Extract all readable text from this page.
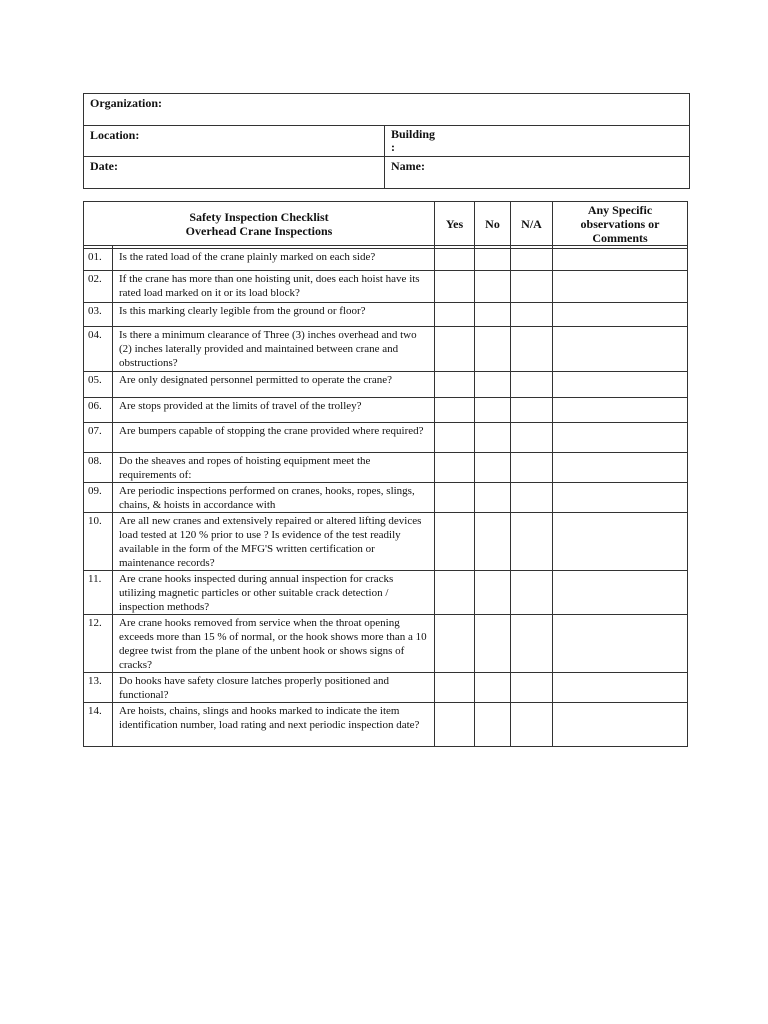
Organization:	
Location:	Building
:

Date:	Name:
Safety Inspection Checklist
Overhead Crane Inspections		Yes	No	N/A	Any Specific observations or Comments

01.	Is the rated load of the crane plainly marked on each side?				
02.	If the crane has more than one hoisting unit, does each hoist have its rated load marked on it or its load block?				
03.	Is this marking clearly legible from the ground or floor?				
04.	Is there a minimum clearance of Three (3) inches overhead and two (2) inches laterally provided and maintained between crane and obstructions?				
05.	Are only designated personnel permitted to operate the crane?				
06.	Are stops provided at the limits of travel of the trolley?				
07.	Are bumpers capable of stopping the crane provided where required?				
08.	Do the sheaves and ropes of hoisting equipment meet the requirements of:				
09.	Are periodic inspections performed on cranes, hooks, ropes, slings, chains, & hoists in accordance with				
10.	Are all new cranes and extensively repaired or altered lifting devices load tested at 120 % prior to use ? Is evidence of the test readily available in the form of the MFG'S written certification or maintenance records?				
11.	Are crane hooks inspected during annual inspection for cracks utilizing magnetic particles or other suitable crack detection / inspection methods?				
12.	Are crane hooks removed from service when the throat opening exceeds more than 15 % of normal, or the hook shows more than a 10 degree twist from the plane of the unbent hook or shows signs of cracks?				
13.	Do hooks have safety closure latches properly positioned and functional?				
14.	Are hoists, chains, slings and hooks marked to indicate the item identification number, load rating and next periodic inspection date?				
